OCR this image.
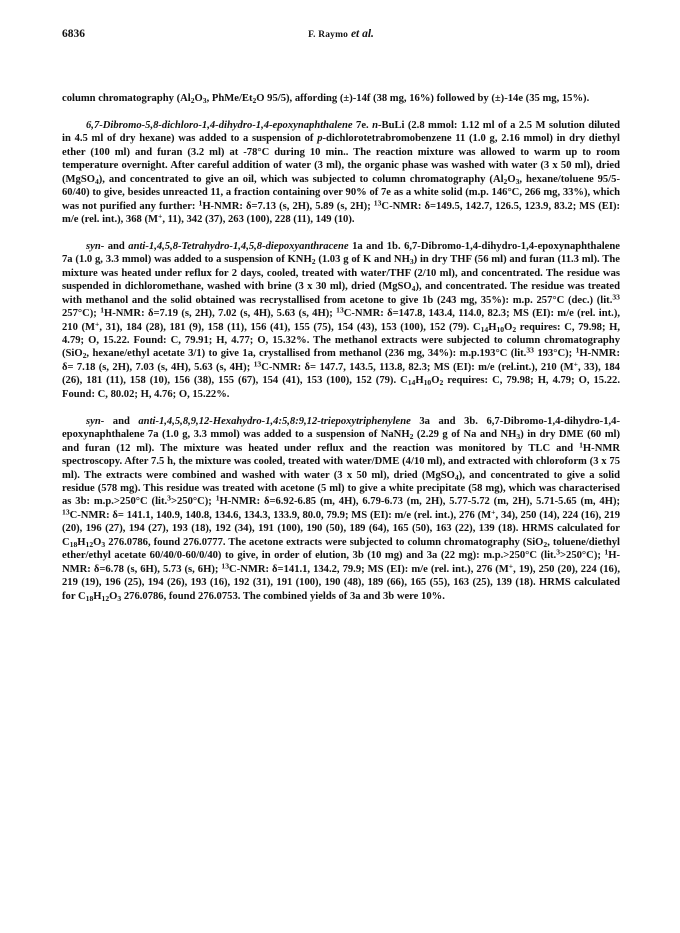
6836	F. Raymo et al.

column chromatography ($Al_2O_3$, PhMe/$Et_2O$ 95/5), affording (±)-14f (38 mg, 16%) followed by (±)-14e (35 mg, 15%).

6,7-Dibromo-5,8-dichloro-1,4-dihydro-1,4-epoxynaphthalene 7e. n-BuLi (2.8 mmol: 1.12 ml of a 2.5 M solution diluted in 4.5 ml of dry hexane) was added to a suspension of p-dichlorotetrabromobenzene 11 (1.0 g, 2.16 mmol) in dry diethyl ether (100 ml) and furan (3.2 ml) at -78°C during 10 min.. The reaction mixture was allowed to warm up to room temperature overnight. After careful addition of water (3 ml), the organic phase was washed with water (3 x 50 ml), dried (MgSO$_4$), and concentrated to give an oil, which was subjected to column chromatography ($Al_2O_3$, hexane/toluene 95/5-60/40) to give, besides unreacted 11, a fraction containing over 90% of 7e as a white solid (m.p. 146°C, 266 mg, 33%), which was not purified any further: $^1$H-NMR: δ=7.13 (s, 2H), 5.89 (s, 2H); $^{13}$C-NMR: δ=149.5, 142.7, 126.5, 123.9, 83.2; MS (EI): m/e (rel. int.), 368 (M+, 11), 342 (37), 263 (100), 228 (11), 149 (10).

syn- and anti-1,4,5,8-Tetrahydro-1,4,5,8-diepoxyanthracene 1a and 1b. 6,7-Dibromo-1,4-dihydro-1,4-epoxynaphthalene 7a (1.0 g, 3.3 mmol) was added to a suspension of $KNH_2$ (1.03 g of K and $NH_3$) in dry THF (56 ml) and furan (11.3 ml). The mixture was heated under reflux for 2 days, cooled, treated with water/THF (2/10 ml), and concentrated. The residue was suspended in dichloromethane, washed with brine (3 x 30 ml), dried (MgSO$_4$), and concentrated. The residue was treated with methanol and the solid obtained was recrystallised from acetone to give 1b (243 mg, 35%): m.p. 257°C (dec.) (lit.$^{33}$ 257°C); $^1$H-NMR: δ=7.19 (s, 2H), 7.02 (s, 4H), 5.63 (s, 4H); $^{13}$C-NMR: δ=147.8, 143.4, 114.0, 82.3; MS (EI): m/e (rel. int.), 210 (M+, 31), 184 (28), 181 (9), 158 (11), 156 (41), 155 (75), 154 (43), 153 (100), 152 (79). $C_{14}H_{10}O_2$ requires: C, 79.98; H, 4.79; O, 15.22. Found: C, 79.91; H, 4.77; O, 15.32%. The methanol extracts were subjected to column chromatography (SiO$_2$, hexane/ethyl acetate 3/1) to give 1a, crystallised from methanol (236 mg, 34%): m.p.193°C (lit.$^{33}$ 193°C); $^1$H-NMR: δ= 7.18 (s, 2H), 7.03 (s, 4H), 5.63 (s, 4H); $^{13}$C-NMR: δ= 147.7, 143.5, 113.8, 82.3; MS (EI): m/e (rel.int.), 210 (M+, 33), 184 (26), 181 (11), 158 (10), 156 (38), 155 (67), 154 (41), 153 (100), 152 (79). $C_{14}H_{10}O_2$ requires: C, 79.98; H, 4.79; O, 15.22. Found: C, 80.02; H, 4.76; O, 15.22%.

syn- and anti-1,4,5,8,9,12-Hexahydro-1,4:5,8:9,12-triepoxytriphenylene 3a and 3b. 6,7-Dibromo-1,4-dihydro-1,4-epoxynaphthalene 7a (1.0 g, 3.3 mmol) was added to a suspension of NaNH$_2$ (2.29 g of Na and $NH_3$) in dry DME (60 ml) and furan (12 ml). The mixture was heated under reflux and the reaction was monitored by TLC and $^1$H-NMR spectroscopy. After 7.5 h, the mixture was cooled, treated with water/DME (4/10 ml), and extracted with chloroform (3 x 75 ml). The extracts were combined and washed with water (3 x 50 ml), dried (MgSO$_4$), and concentrated to give a solid residue (578 mg). This residue was treated with acetone (5 ml) to give a white precipitate (58 mg), which was characterised as 3b: m.p.>250°C (lit.$^3$>250°C); $^1$H-NMR: δ=6.92-6.85 (m, 4H), 6.79-6.73 (m, 2H), 5.77-5.72 (m, 2H), 5.71-5.65 (m, 4H); $^{13}$C-NMR: δ= 141.1, 140.9, 140.8, 134.6, 134.3, 133.9, 80.0, 79.9; MS (EI): m/e (rel. int.), 276 (M+, 34), 250 (14), 224 (16), 219 (20), 196 (27), 194 (27), 193 (18), 192 (34), 191 (100), 190 (50), 189 (64), 165 (50), 163 (22), 139 (18). HRMS calculated for $C_{18}H_{12}O_3$ 276.0786, found 276.0777. The acetone extracts were subjected to column chromatography (SiO$_2$, toluene/diethyl ether/ethyl acetate 60/40/0-60/0/40) to give, in order of elution, 3b (10 mg) and 3a (22 mg): m.p.>250°C (lit.$^3$>250°C); $^1$H-NMR: δ=6.78 (s, 6H), 5.73 (s, 6H); $^{13}$C-NMR: δ=141.1, 134.2, 79.9; MS (EI): m/e (rel. int.), 276 (M+, 19), 250 (20), 224 (16), 219 (19), 196 (25), 194 (26), 193 (16), 192 (31), 191 (100), 190 (48), 189 (66), 165 (55), 163 (25), 139 (18). HRMS calculated for $C_{18}H_{12}O_3$ 276.0786, found 276.0753. The combined yields of 3a and 3b were 10%.
